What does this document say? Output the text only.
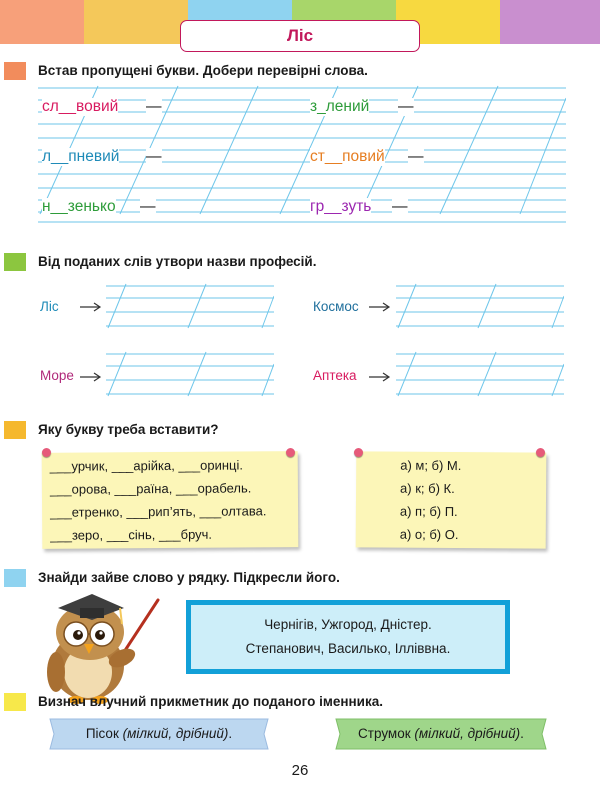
Ліс
Встав пропущені букви. Добери перевірні слова.
сл__вовий —	з_лений —
л__пневий —	ст__повий —
н__зенько —	гр__зуть —
Від поданих слів утвори назви професій.
Ліс	Космос
Море	Аптека
Яку букву треба вставити?
___урчик, ___арійка, ___оринці.
___орова, ___раїна, ___орабель.
___етренко, ___рип’ять, ___олтава.
___зеро, ___сінь, ___бруч.
а) м; б) М.
а) к; б) К.
а) п; б) П.
а) о; б) О.
Знайди зайве слово у рядку. Підкресли його.
Чернігів, Ужгород, Дністер.
Степанович, Василько, Ілліввна.
Визнач влучний прикметник до поданого іменника.
Пісок (мілкий, дрібний).	Струмок (мілкий, дрібний).
26
